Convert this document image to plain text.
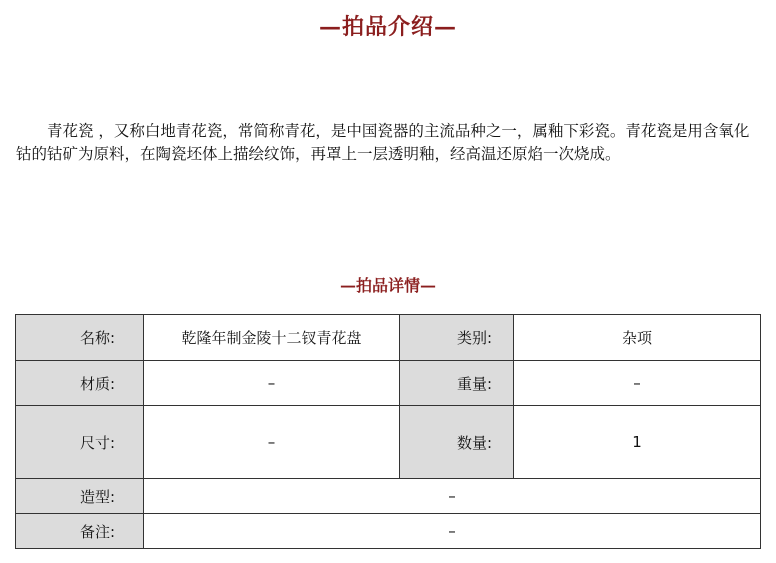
—拍品介绍—

青花瓷 ，又称白地青花瓷，常简称青花，是中国瓷器的主流品种之一，属釉下彩瓷。青花瓷是用含氧化钴的钴矿为原料，在陶瓷坯体上描绘纹饰，再罩上一层透明釉，经高温还原焰一次烧成。

—拍品详情—
名称:	乾隆年制金陵十二钗青花盘	类别:	杂项
材质:	–	重量:	–
尺寸:	–	数量:	1
造型:	–		
备注:	–		
